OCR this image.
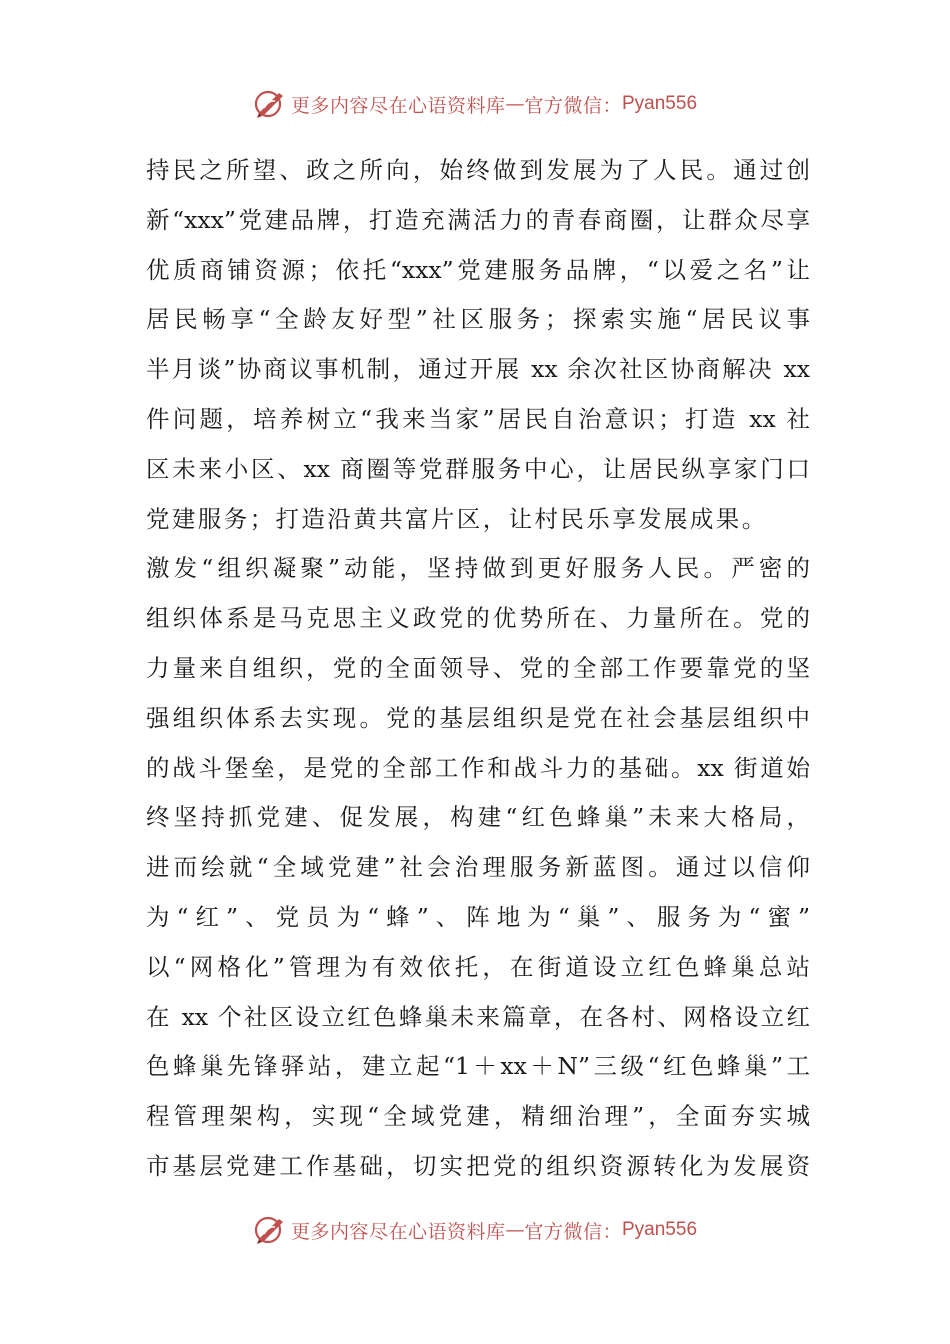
更多内容尽在心语资料库 — 官方微信： Pyan556
持民之所望、政之所向，始终做到发展为了人民。通过创
新“xxx”党建品牌，打造充满活力的青春商圈，让群众尽享
优质商铺资源；依托“xxx”党建服务品牌，“以爱之名”让
居民畅享“全龄友好型”社区服务；探索实施“居民议事
半月谈”协商议事机制，通过开展 xx 余次社区协商解决 xx
件问题，培养树立“我来当家”居民自治意识；打造 xx 社
区未来小区、xx 商圈等党群服务中心，让居民纵享家门口
党建服务；打造沿黄共富片区，让村民乐享发展成果。
激发“组织凝聚”动能，坚持做到更好服务人民。严密的
组织体系是马克思主义政党的优势所在、力量所在。党的
力量来自组织，党的全面领导、党的全部工作要靠党的坚
强组织体系去实现。党的基层组织是党在社会基层组织中
的战斗堡垒，是党的全部工作和战斗力的基础。xx 街道始
终坚持抓党建、促发展，构建“红色蜂巢”未来大格局，
进而绘就“全域党建”社会治理服务新蓝图。通过以信仰
为“红”、党员为“蜂”、阵地为“巢”、服务为“蜜”
以“网格化”管理为有效依托，在街道设立红色蜂巢总站
在 xx 个社区设立红色蜂巢未来篇章，在各村、网格设立红
色蜂巢先锋驿站，建立起“1＋xx＋N”三级“红色蜂巢”工
程管理架构，实现“全域党建，精细治理”，全面夯实城
市基层党建工作基础，切实把党的组织资源转化为发展资
更多内容尽在心语资料库 — 官方微信： Pyan556
